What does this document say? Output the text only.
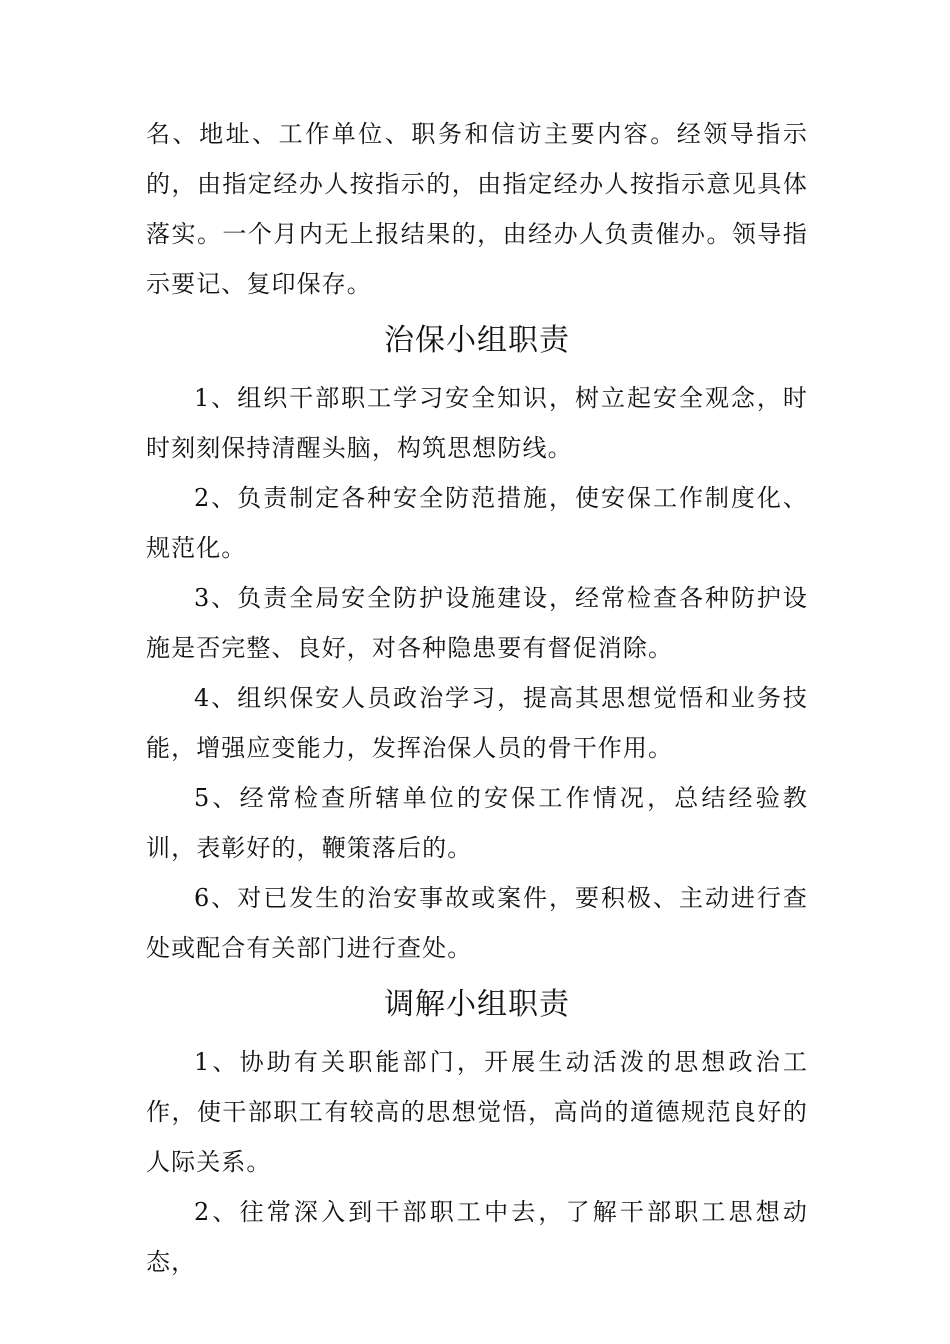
名、地址、工作单位、职务和信访主要内容。经领导指示的，由指定经办人按指示的，由指定经办人按指示意见具体落实。一个月内无上报结果的，由经办人负责催办。领导指示要记、复印保存。

治保小组职责

1、组织干部职工学习安全知识，树立起安全观念，时时刻刻保持清醒头脑，构筑思想防线。

2、负责制定各种安全防范措施，使安保工作制度化、规范化。

3、负责全局安全防护设施建设，经常检查各种防护设施是否完整、良好，对各种隐患要有督促消除。

4、组织保安人员政治学习，提高其思想觉悟和业务技能，增强应变能力，发挥治保人员的骨干作用。

5、经常检查所辖单位的安保工作情况，总结经验教训，表彰好的，鞭策落后的。

6、对已发生的治安事故或案件，要积极、主动进行查处或配合有关部门进行查处。

调解小组职责

1、协助有关职能部门，开展生动活泼的思想政治工作，使干部职工有较高的思想觉悟，高尚的道德规范良好的人际关系。

2、往常深入到干部职工中去，了解干部职工思想动态，
